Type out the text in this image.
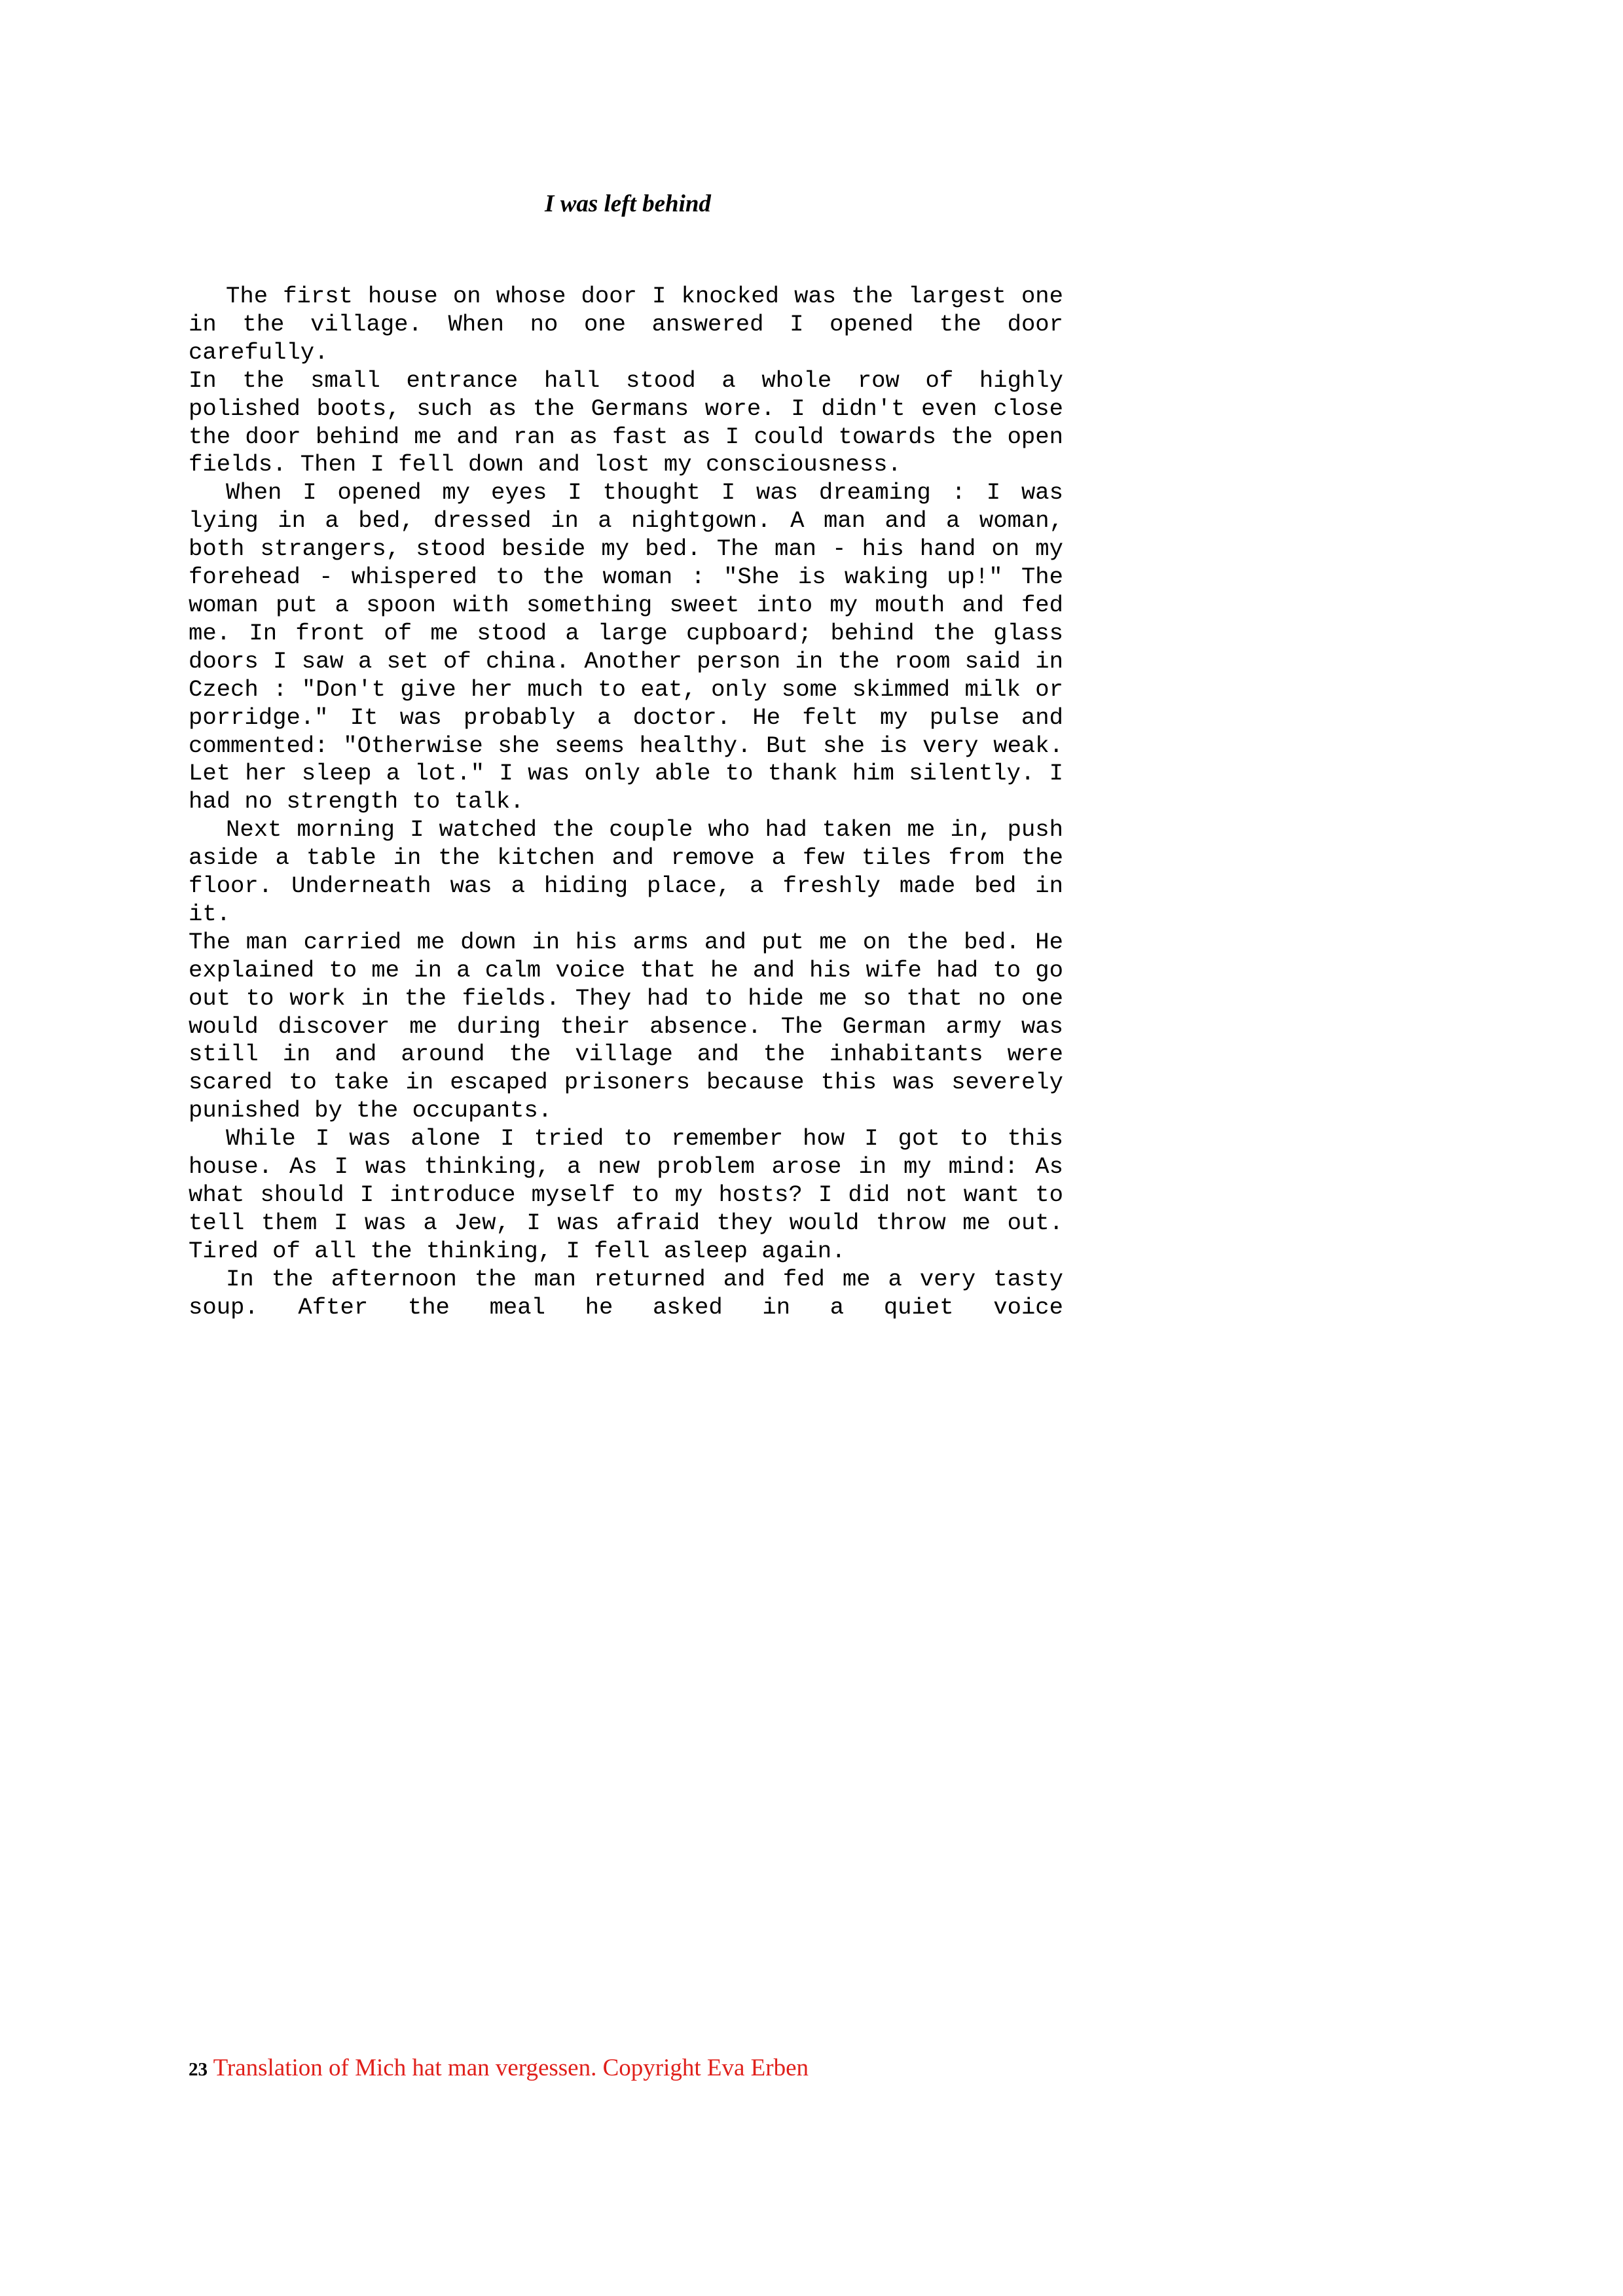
I was left behind

The first house on whose door I knocked was the largest one in the village. When no one answered I opened the door carefully.

In the small entrance hall stood a whole row of highly polished boots, such as the Germans wore. I didn't even close the door behind me and ran as fast as I could towards the open fields. Then I fell down and lost my consciousness.

When I opened my eyes I thought I was dreaming : I was lying in a bed, dressed in a nightgown. A man and a woman, both strangers, stood beside my bed. The man - his hand on my forehead - whispered to the woman : "She is waking up!" The woman put a spoon with something sweet into my mouth and fed me. In front of me stood a large cupboard; behind the glass doors I saw a set of china. Another person in the room said in Czech : "Don't give her much to eat, only some skimmed milk or porridge." It was probably a doctor. He felt my pulse and commented: "Otherwise she seems healthy. But she is very weak. Let her sleep a lot." I was only able to thank him silently. I had no strength to talk.

Next morning I watched the couple who had taken me in, push aside a table in the kitchen and remove a few tiles from the floor. Underneath was a hiding place, a freshly made bed in it.

The man carried me down in his arms and put me on the bed. He explained to me in a calm voice that he and his wife had to go out to work in the fields. They had to hide me so that no one would discover me during their absence. The German army was still in and around the village and the inhabitants were scared to take in escaped prisoners because this was severely punished by the occupants.

While I was alone I tried to remember how I got to this house. As I was thinking, a new problem arose in my mind: As what should I introduce myself to my hosts? I did not want to tell them I was a Jew, I was afraid they would throw me out. Tired of all the thinking, I fell asleep again.

In the afternoon the man returned and fed me a very tasty soup. After the meal he asked in a quiet voice

23 Translation of Mich hat man vergessen. Copyright Eva Erben
